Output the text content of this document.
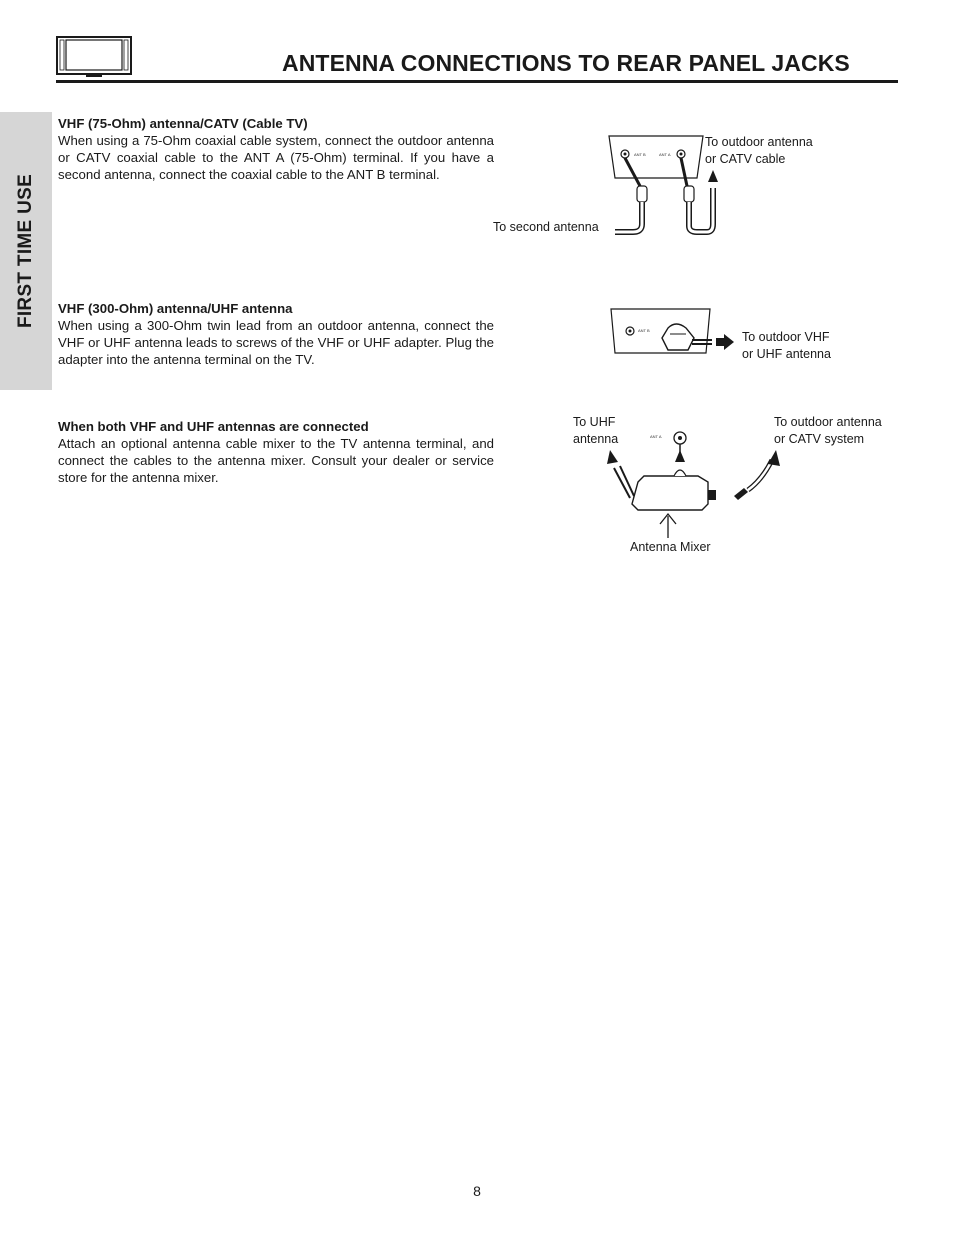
ANTENNA CONNECTIONS TO REAR PANEL JACKS
FIRST TIME USE
VHF (75-Ohm) antenna/CATV (Cable TV)

When using a 75-Ohm coaxial cable system, connect the outdoor antenna or CATV coaxial cable to the ANT A (75-Ohm) terminal. If you have a second antenna, connect the coaxial cable to the ANT B terminal.

VHF (300-Ohm) antenna/UHF antenna

When using a 300-Ohm twin lead from an outdoor antenna, connect the VHF or UHF antenna leads to screws of the VHF or UHF adapter. Plug the adapter into the antenna terminal on the TV.

When both VHF and UHF antennas are connected

Attach an optional antenna cable mixer to the TV antenna terminal, and connect the cables to the antenna mixer. Consult your dealer or service store for the antenna mixer.

ANT B	ANT A
To outdoor antenna
or CATV cable
To second antenna
ANT B	To outdoor VHF
or UHF antenna
ANT A
To UHF
antenna
To outdoor antenna
or CATV system
Antenna Mixer
8
